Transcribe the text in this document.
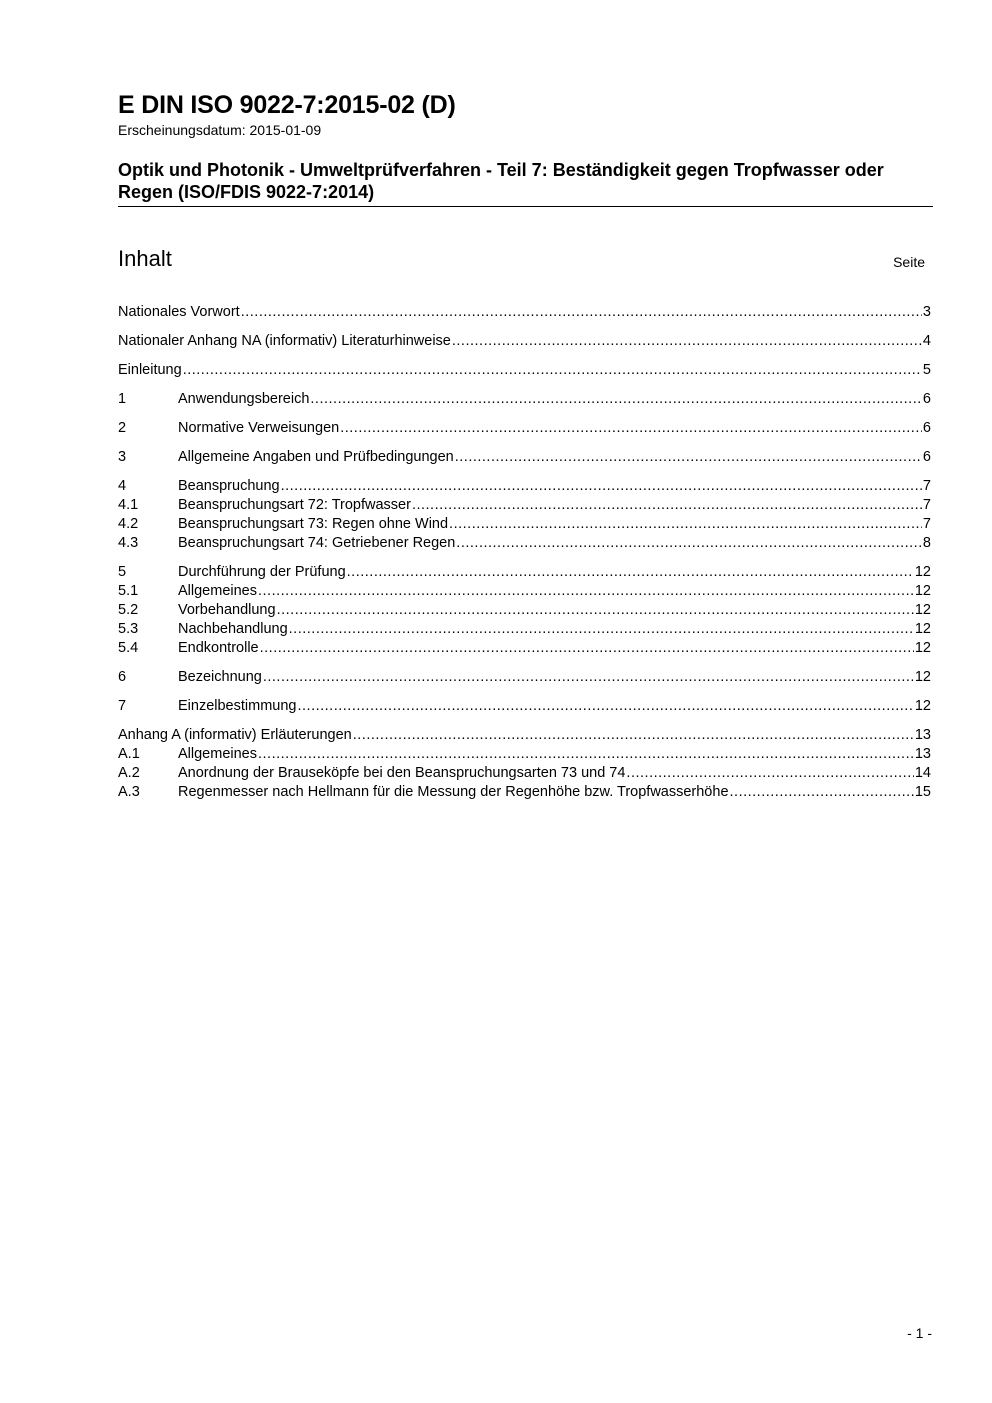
E DIN ISO 9022-7:2015-02 (D)
Erscheinungsdatum: 2015-01-09
Optik und Photonik - Umweltprüfverfahren - Teil 7: Beständigkeit gegen Tropfwasser oder Regen (ISO/FDIS 9022-7:2014)
Inhalt	Seite
Nationales Vorwort .....	3
Nationaler Anhang NA (informativ) Literaturhinweise .....	4
Einleitung .....	5
1	Anwendungsbereich .....	6
2	Normative Verweisungen .....	6
3	Allgemeine Angaben und Prüfbedingungen .....	6
4	Beanspruchung .....	7
4.1	Beanspruchungsart 72: Tropfwasser .....	7
4.2	Beanspruchungsart 73: Regen ohne Wind .....	7
4.3	Beanspruchungsart 74: Getriebener Regen .....	8
5	Durchführung der Prüfung .....	12
5.1	Allgemeines .....	12
5.2	Vorbehandlung .....	12
5.3	Nachbehandlung .....	12
5.4	Endkontrolle .....	12
6	Bezeichnung .....	12
7	Einzelbestimmung .....	12
Anhang A (informativ) Erläuterungen .....	13
A.1	Allgemeines .....	13
A.2	Anordnung der Brauseköpfe bei den Beanspruchungsarten 73 und 74 .....	14
A.3	Regenmesser nach Hellmann für die Messung der Regenhöhe bzw. Tropfwasserhöhe .....	15
- 1 -
